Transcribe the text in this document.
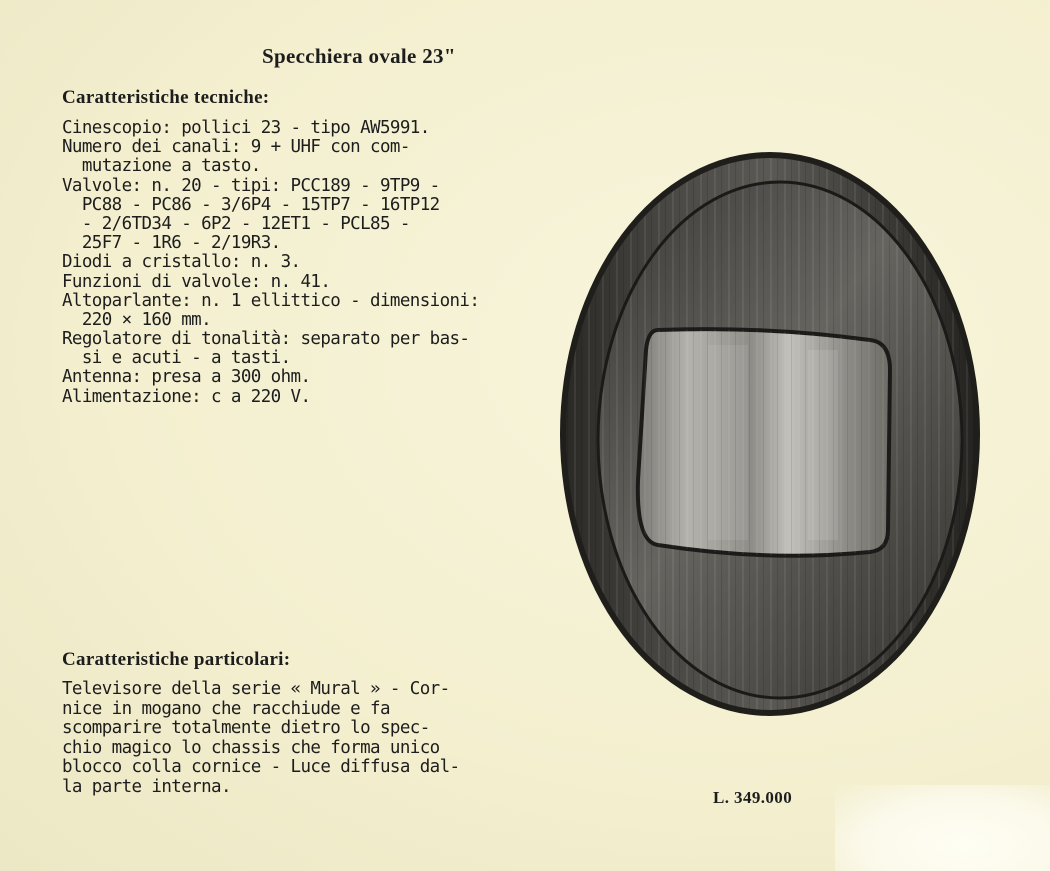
Specchiera ovale 23"
Caratteristiche tecniche:
Cinescopio: pollici 23 - tipo AW5991.
Numero dei canali: 9 + UHF con com-
mutazione a tasto.
Valvole: n. 20 - tipi: PCC189 - 9TP9 -
PC88 - PC86 - 3/6P4 - 15TP7 - 16TP12
- 2/6TD34 - 6P2 - 12ET1 - PCL85 -
25F7 - 1R6 - 2/19R3.
Diodi a cristallo: n. 3.
Funzioni di valvole: n. 41.
Altoparlante: n. 1 ellittico - dimensioni:
220 × 160 mm.
Regolatore di tonalità: separato per bas-
si e acuti - a tasti.
Antenna: presa a 300 ohm.
Alimentazione: c a 220 V.
Caratteristiche particolari:
Televisore della serie « Mural » - Cor-
nice in mogano che racchiude e fa
scomparire totalmente dietro lo spec-
chio magico lo chassis che forma unico
blocco colla cornice - Luce diffusa dal-
la parte interna.
L. 349.000
